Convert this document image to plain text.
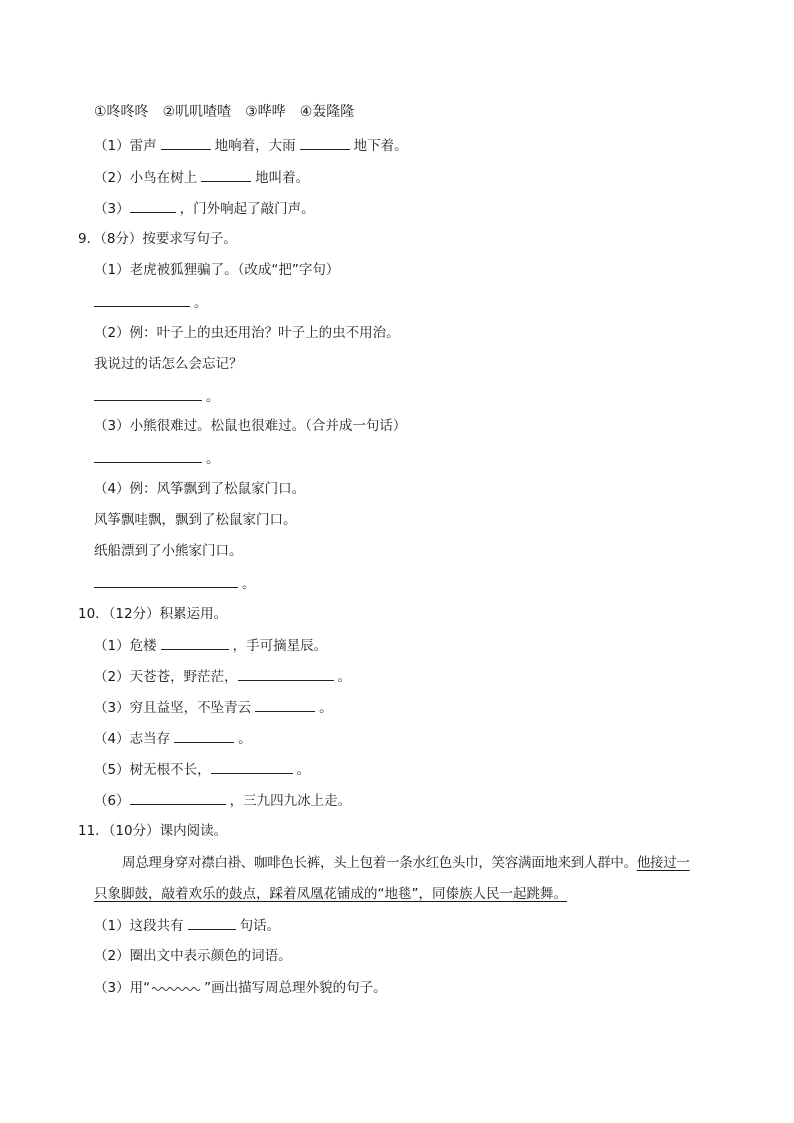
①咚咚咚 ②叽叽喳喳 ③哗哗 ④轰隆隆
（1）雷声	地响着，大雨	地下着。
（2）小鸟在树上	地叫着。
（3）	，门外响起了敲门声。
9．（8分）按要求写句子。
（1）老虎被狐狸骗了。（改成“把”字句）
。
（2）例：叶子上的虫还用治？叶子上的虫不用治。
我说过的话怎么会忘记？
。
（3）小熊很难过。松鼠也很难过。（合并成一句话）
。
（4）例：风筝飘到了松鼠家门口。
风筝飘哇飘，飘到了松鼠家门口。
纸船漂到了小熊家门口。
。
10．（12分）积累运用。
（1）危楼	，手可摘星辰。
（2）天苍苍，野茫茫，	。
（3）穷且益坚，不坠青云	。
（4）志当存	。
（5）树无根不长，	。
（6）	，三九四九冰上走。
11．（10分）课内阅读。
周总理身穿对襟白褂、咖啡色长裤，头上包着一条水红色头巾，笑容满面地来到人群中。他接过一
只象脚鼓，敲着欢乐的鼓点，踩着凤凰花铺成的“地毯”，同傣族人民一起跳舞。
（1）这段共有	句话。
（2）圈出文中表示颜色的词语。
（3）用“	”画出描写周总理外貌的句子。
